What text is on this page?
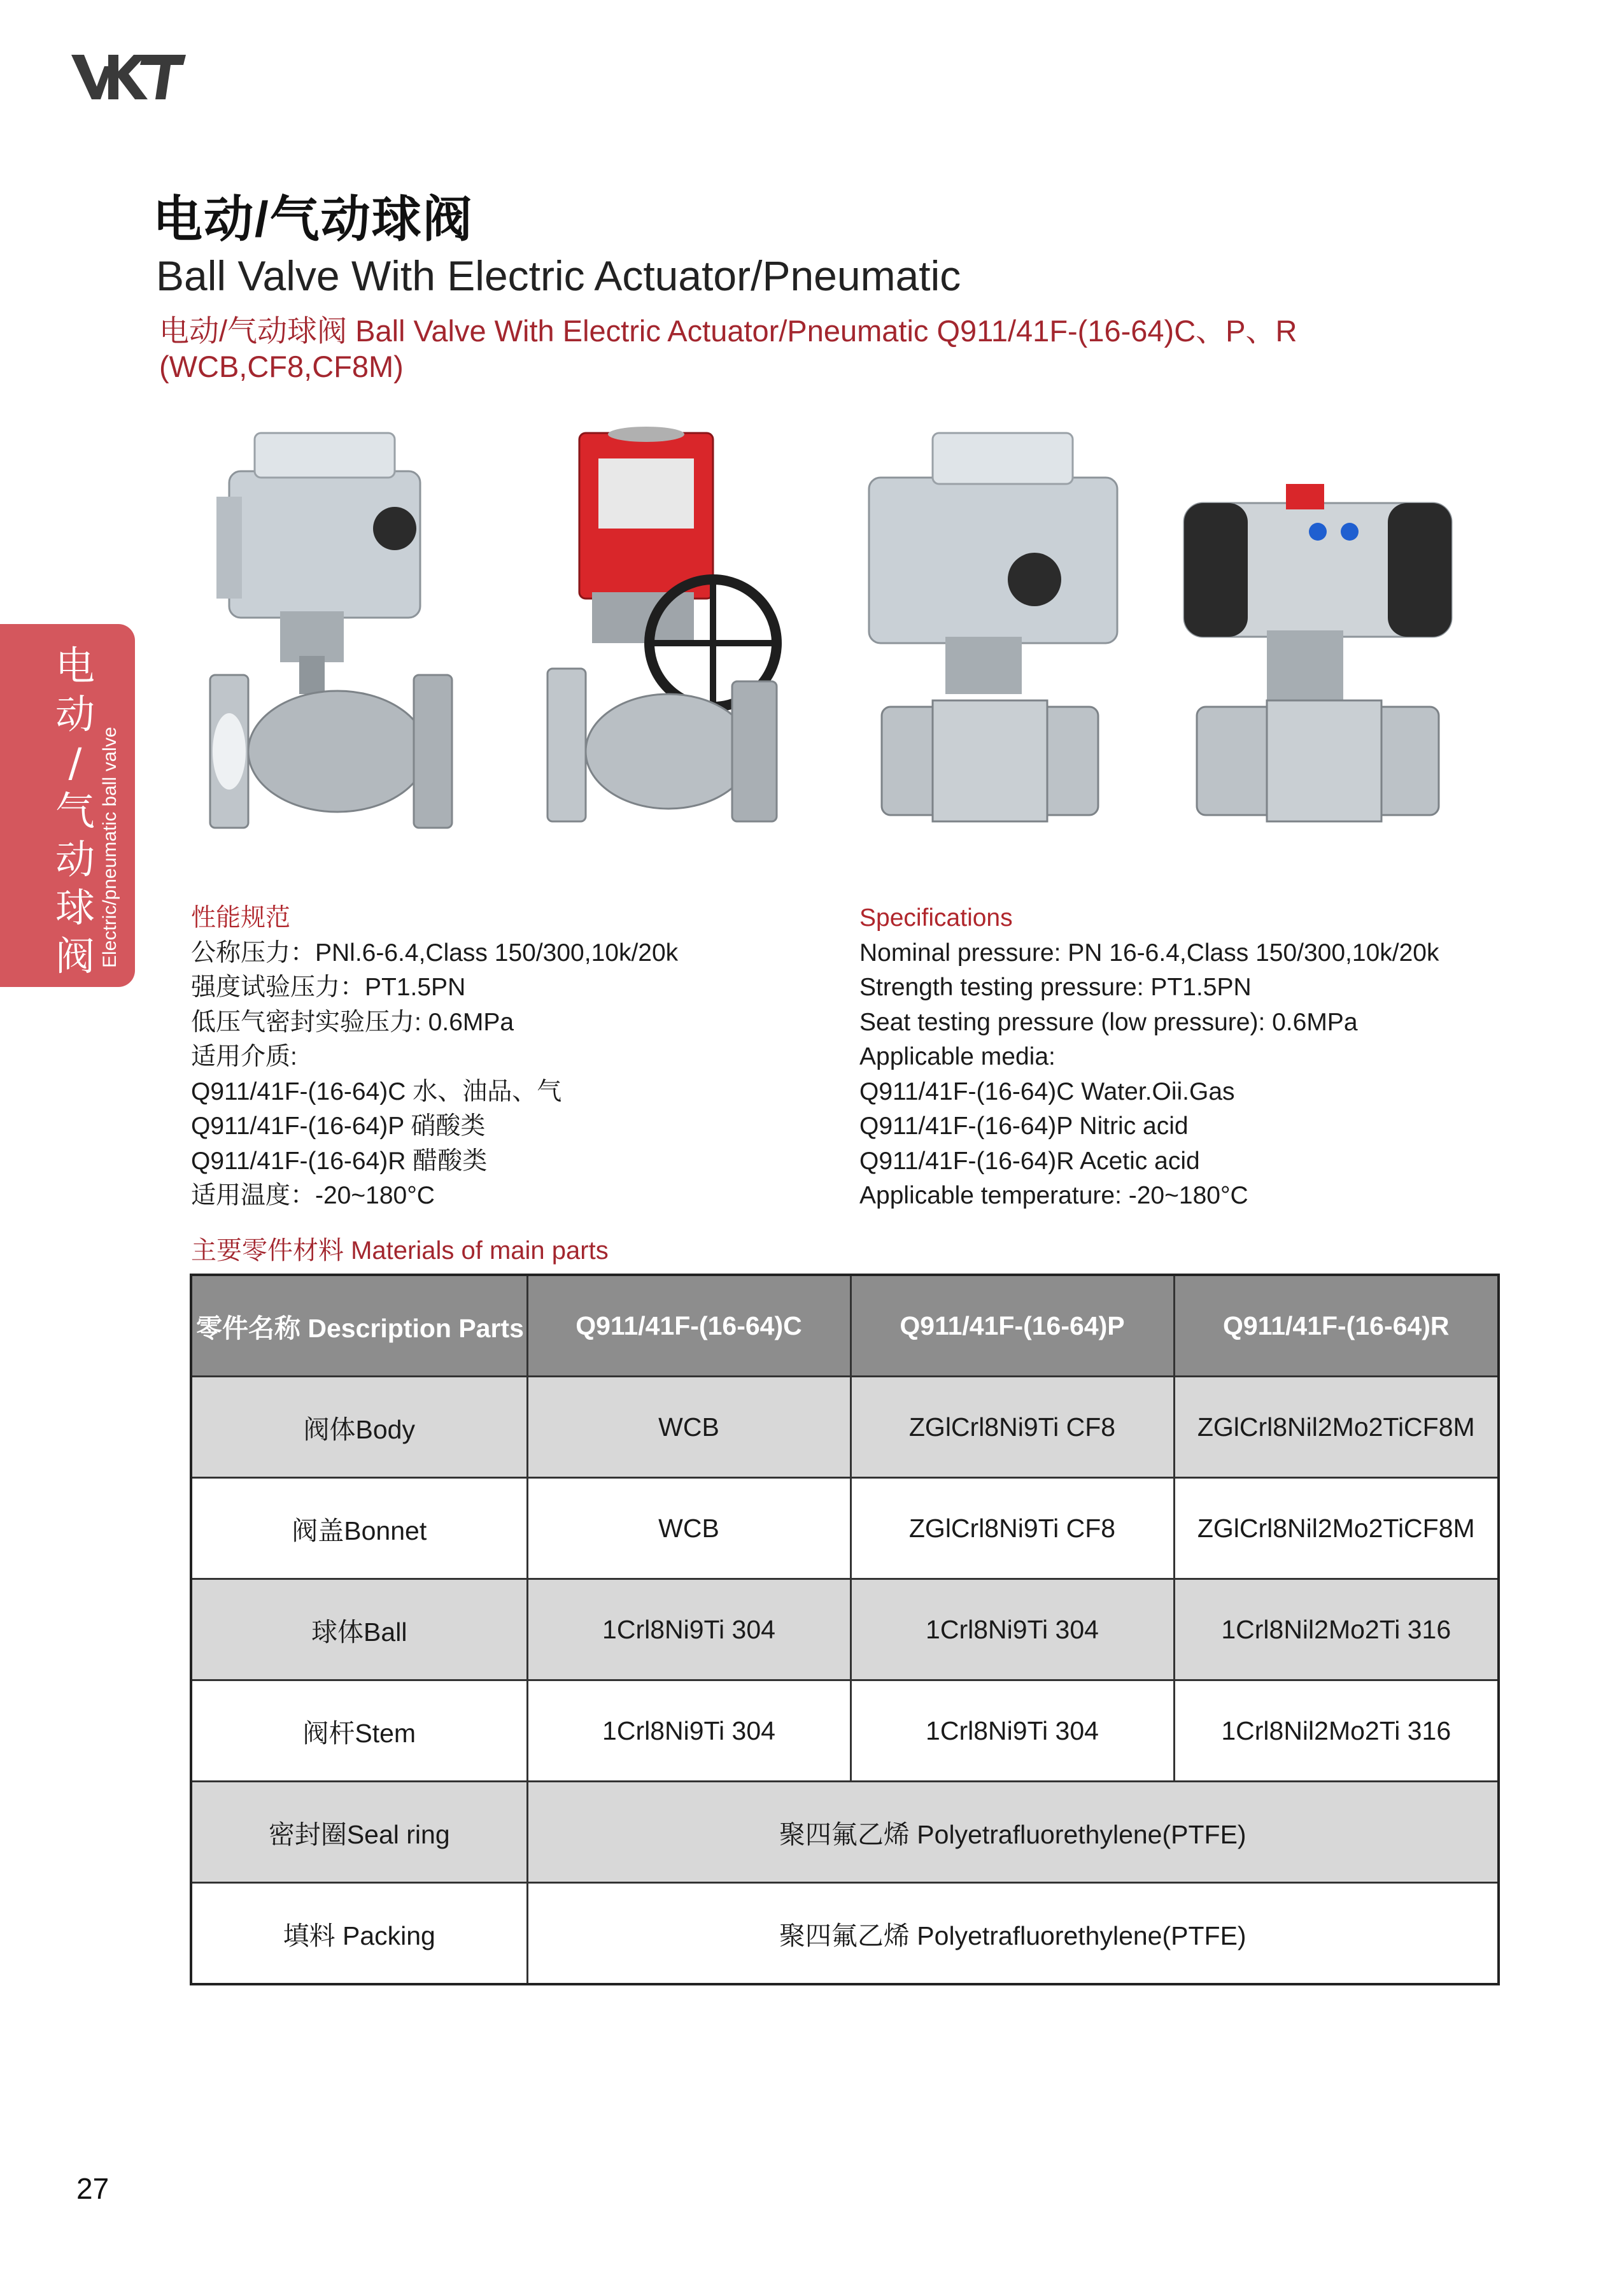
电动/气动球阀
Ball Valve With Electric Actuator/Pneumatic
电动/气动球阀 Ball Valve With Electric Actuator/Pneumatic Q911/41F-(16-64)C、P、R
(WCB,CF8,CF8M)
电
动
/
气
动
球
阀 Electric/pneumatic ball valve	性能规范
公称压力：PNl.6-6.4,Class 150/300,10k/20k
强度试验压力：PT1.5PN
低压气密封实验压力: 0.6MPa
适用介质:
Q911/41F-(16-64)C 水、油品、气
Q911/41F-(16-64)P 硝酸类
Q911/41F-(16-64)R 醋酸类
适用温度：-20~180°C
Specifications
Nominal pressure: PN 16-6.4,Class 150/300,10k/20k
Strength testing pressure: PT1.5PN
Seat testing pressure (low pressure): 0.6MPa
Applicable media:
Q911/41F-(16-64)C Water.Oii.Gas
Q911/41F-(16-64)P Nitric acid
Q911/41F-(16-64)R Acetic acid
Applicable temperature: -20~180°C
主要零件材料 Materials of main parts
零件名称 Description Parts	Q911/41F-(16-64)C	Q911/41F-(16-64)P	Q911/41F-(16-64)R
阀体Body	WCB	ZGlCrl8Ni9Ti CF8	ZGlCrl8Nil2Mo2TiCF8M
阀盖Bonnet	WCB	ZGlCrl8Ni9Ti CF8	ZGlCrl8Nil2Mo2TiCF8M
球体Ball	1Crl8Ni9Ti 304	1Crl8Ni9Ti 304	1Crl8Nil2Mo2Ti 316
阀杆Stem	1Crl8Ni9Ti 304	1Crl8Ni9Ti 304	1Crl8Nil2Mo2Ti 316
密封圈Seal ring	聚四氟乙烯 Polyetrafluorethylene(PTFE)		
填料 Packing	聚四氟乙烯 Polyetrafluorethylene(PTFE)		
27
